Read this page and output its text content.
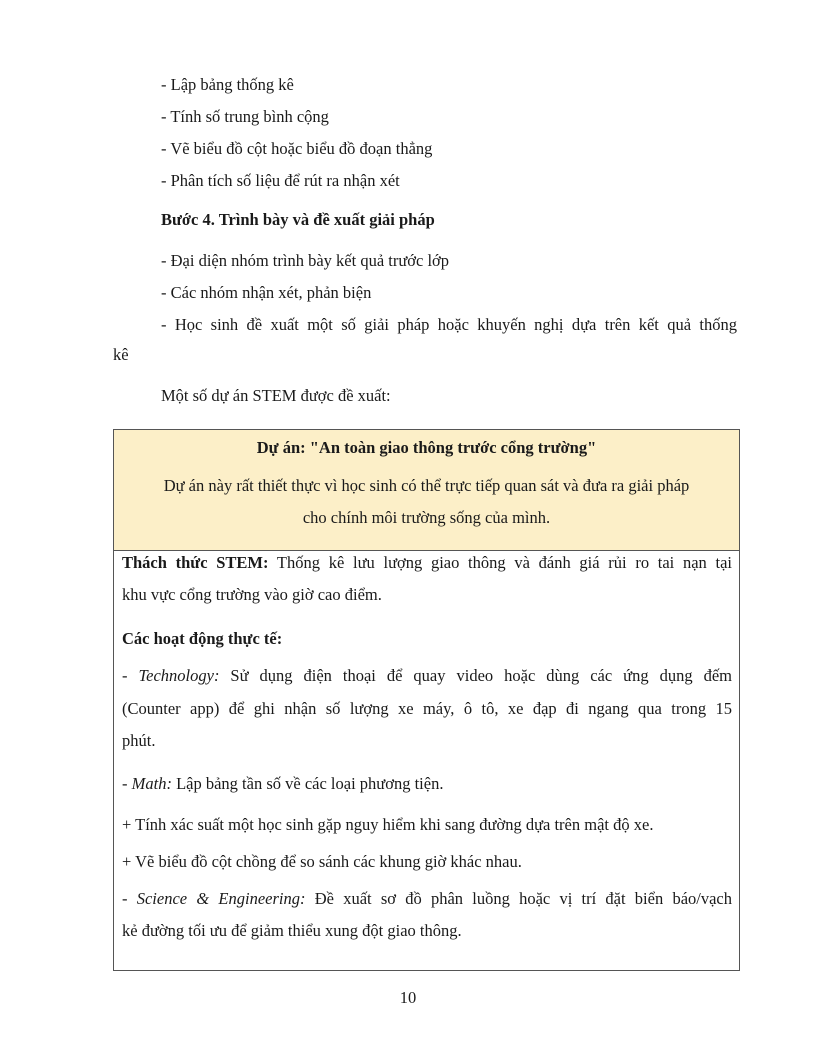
- Lập bảng thống kê
- Tính số trung bình cộng
- Vẽ biểu đồ cột hoặc biểu đồ đoạn thẳng
- Phân tích số liệu để rút ra nhận xét
Bước 4. Trình bày và đề xuất giải pháp
- Đại diện nhóm trình bày kết quả trước lớp
- Các nhóm nhận xét, phản biện
- Học sinh đề xuất một số giải pháp hoặc khuyến nghị dựa trên kết quả thống
kê
Một số dự án STEM được đề xuất:
Dự án: "An toàn giao thông trước cổng trường"
Dự án này rất thiết thực vì học sinh có thể trực tiếp quan sát và đưa ra giải pháp
cho chính môi trường sống của mình.
Thách thức STEM: Thống kê lưu lượng giao thông và đánh giá rủi ro tai nạn tại
khu vực cổng trường vào giờ cao điểm.
Các hoạt động thực tế:
- Technology: Sử dụng điện thoại để quay video hoặc dùng các ứng dụng đếm
(Counter app) để ghi nhận số lượng xe máy, ô tô, xe đạp đi ngang qua trong 15
phút.
- Math: Lập bảng tần số về các loại phương tiện.
+ Tính xác suất một học sinh gặp nguy hiểm khi sang đường dựa trên mật độ xe.
+ Vẽ biểu đồ cột chồng để so sánh các khung giờ khác nhau.
- Science & Engineering: Đề xuất sơ đồ phân luồng hoặc vị trí đặt biển báo/vạch
kẻ đường tối ưu để giảm thiểu xung đột giao thông.
10
